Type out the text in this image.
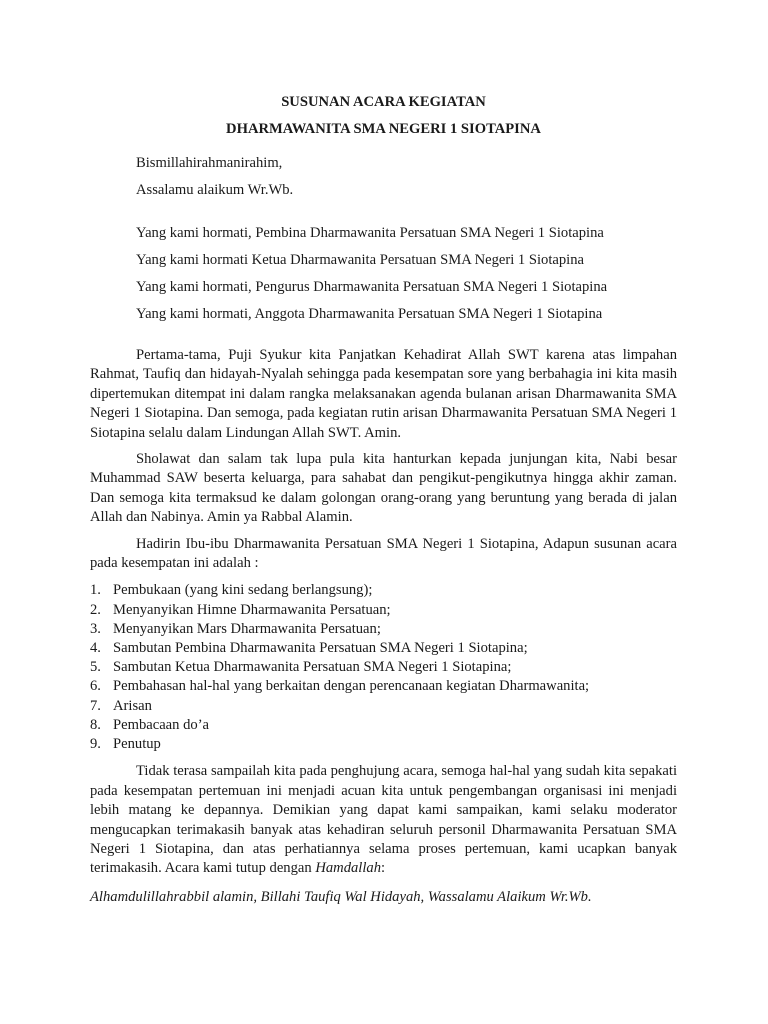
SUSUNAN ACARA KEGIATAN

DHARMAWANITA SMA NEGERI 1 SIOTAPINA

Bismillahirahmanirahim,

Assalamu alaikum Wr.Wb.

Yang kami hormati, Pembina Dharmawanita Persatuan SMA Negeri 1 Siotapina

Yang kami hormati Ketua Dharmawanita Persatuan SMA Negeri 1 Siotapina

Yang kami hormati, Pengurus Dharmawanita Persatuan SMA Negeri 1 Siotapina

Yang kami hormati, Anggota Dharmawanita Persatuan SMA Negeri 1 Siotapina

Pertama-tama, Puji Syukur kita Panjatkan Kehadirat Allah SWT karena atas limpahan Rahmat, Taufiq dan hidayah-Nyalah sehingga pada kesempatan sore yang berbahagia ini kita masih dipertemukan ditempat ini dalam rangka melaksanakan agenda bulanan arisan Dharmawanita SMA Negeri 1 Siotapina. Dan semoga, pada kegiatan rutin arisan Dharmawanita Persatuan SMA Negeri 1 Siotapina selalu dalam Lindungan Allah SWT. Amin.

Sholawat dan salam tak lupa pula kita hanturkan kepada junjungan kita, Nabi besar Muhammad SAW beserta keluarga, para sahabat dan pengikut-pengikutnya hingga akhir zaman. Dan semoga kita termaksud ke dalam golongan orang-orang yang beruntung yang berada di jalan Allah dan Nabinya. Amin ya Rabbal Alamin.

Hadirin Ibu-ibu Dharmawanita Persatuan SMA Negeri 1 Siotapina, Adapun susunan acara pada kesempatan ini adalah :

1. Pembukaan (yang kini sedang berlangsung);
2. Menyanyikan Himne Dharmawanita Persatuan;
3. Menyanyikan Mars Dharmawanita Persatuan;
4. Sambutan Pembina Dharmawanita Persatuan SMA Negeri 1 Siotapina;
5. Sambutan Ketua Dharmawanita Persatuan SMA Negeri 1 Siotapina;
6. Pembahasan hal-hal yang berkaitan dengan perencanaan kegiatan Dharmawanita;
7. Arisan
8. Pembacaan do’a
9. Penutup

Tidak terasa sampailah kita pada penghujung acara, semoga hal-hal yang sudah kita sepakati pada kesempatan pertemuan ini menjadi acuan kita untuk pengembangan organisasi ini menjadi lebih matang ke depannya. Demikian yang dapat kami sampaikan, kami selaku moderator mengucapkan terimakasih banyak atas kehadiran seluruh personil Dharmawanita Persatuan SMA Negeri 1 Siotapina, dan atas perhatiannya selama proses pertemuan, kami ucapkan banyak terimakasih. Acara kami tutup dengan Hamdallah:

Alhamdulillahrabbil alamin, Billahi Taufiq Wal Hidayah, Wassalamu Alaikum Wr.Wb.
